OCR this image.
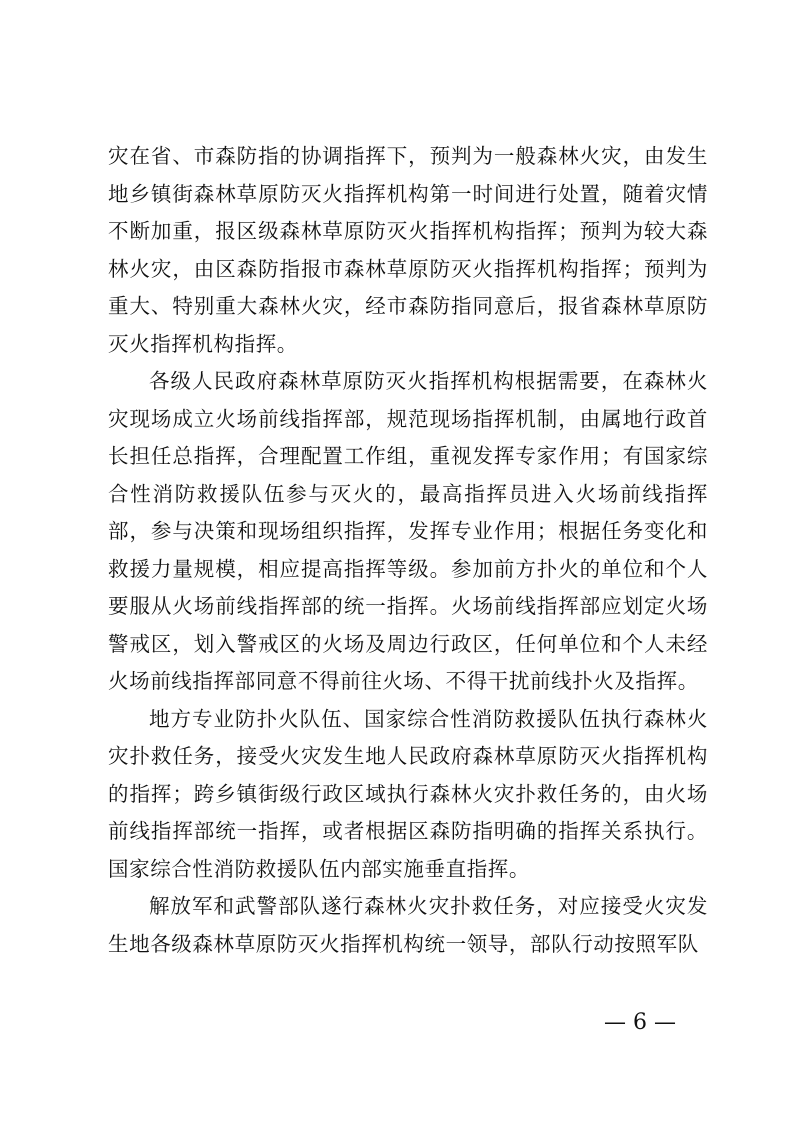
灾在省、市森防指的协调指挥下，预判为一般森林火灾，由发生地乡镇街森林草原防灭火指挥机构第一时间进行处置，随着灾情不断加重，报区级森林草原防灭火指挥机构指挥；预判为较大森林火灾，由区森防指报市森林草原防灭火指挥机构指挥；预判为重大、特别重大森林火灾，经市森防指同意后，报省森林草原防灭火指挥机构指挥。

各级人民政府森林草原防灭火指挥机构根据需要，在森林火灾现场成立火场前线指挥部，规范现场指挥机制，由属地行政首长担任总指挥，合理配置工作组，重视发挥专家作用；有国家综合性消防救援队伍参与灭火的，最高指挥员进入火场前线指挥部，参与决策和现场组织指挥，发挥专业作用；根据任务变化和救援力量规模，相应提高指挥等级。参加前方扑火的单位和个人要服从火场前线指挥部的统一指挥。火场前线指挥部应划定火场警戒区，划入警戒区的火场及周边行政区，任何单位和个人未经火场前线指挥部同意不得前往火场、不得干扰前线扑火及指挥。

地方专业防扑火队伍、国家综合性消防救援队伍执行森林火灾扑救任务，接受火灾发生地人民政府森林草原防灭火指挥机构的指挥；跨乡镇街级行政区域执行森林火灾扑救任务的，由火场前线指挥部统一指挥，或者根据区森防指明确的指挥关系执行。国家综合性消防救援队伍内部实施垂直指挥。

解放军和武警部队遂行森林火灾扑救任务，对应接受火灾发生地各级森林草原防灭火指挥机构统一领导，部队行动按照军队

— 6 —
